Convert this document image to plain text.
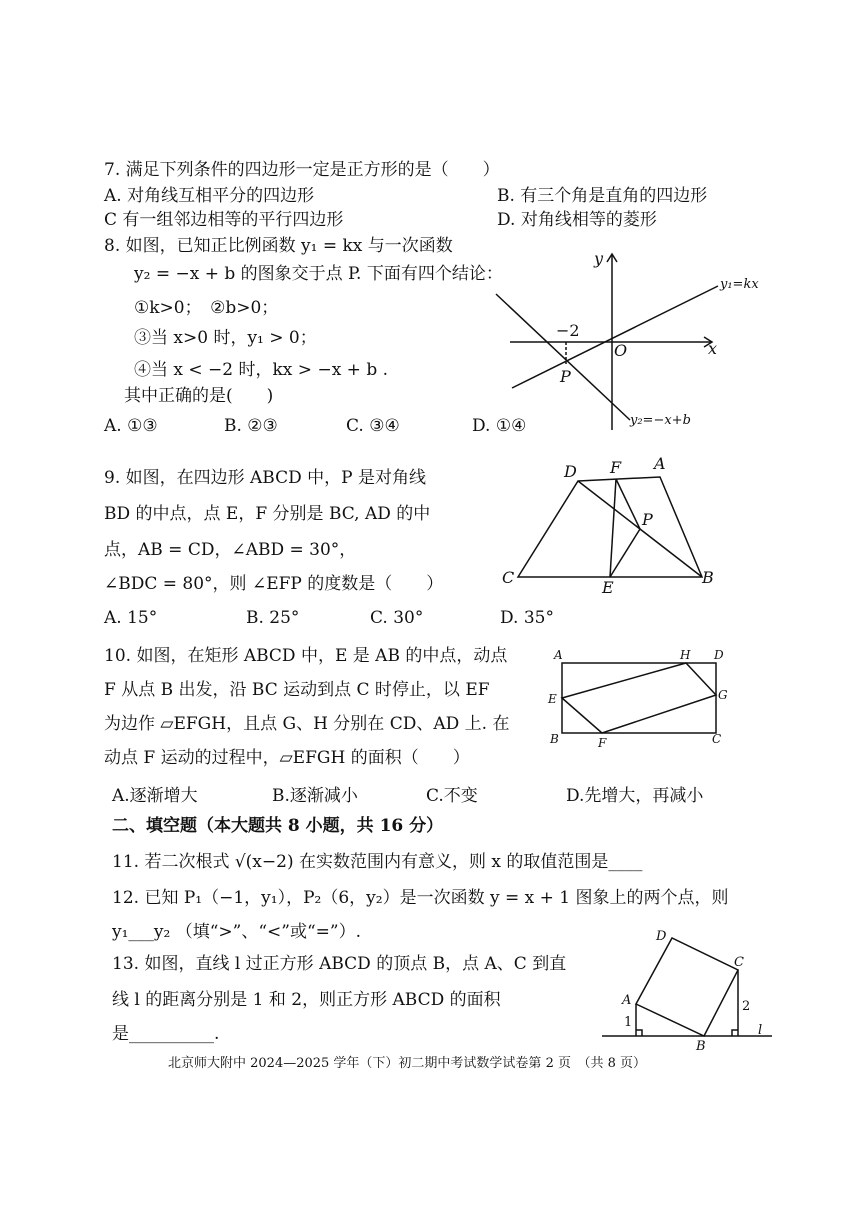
7. 满足下列条件的四边形一定是正方形的是（　　）
A. 对角线互相平分的四边形	B. 有三个角是直角的四边形
C 有一组邻边相等的平行四边形	D. 对角线相等的菱形
8. 如图，已知正比例函数 y₁ = kx 与一次函数
y₂ = −x + b 的图象交于点 P. 下面有四个结论：
①k>0；　②b>0；
③当 x>0 时，y₁ > 0；
④当 x < −2 时，kx > −x + b .
其中正确的是(　　)
A. ①③	B. ②③	C. ③④	D. ①④
y
x
O
P
−2
y₁=kx
y₂=−x+b
9. 如图，在四边形 ABCD 中，P 是对角线
BD 的中点，点 E，F 分别是 BC, AD 的中
点，AB = CD，∠ABD = 30°，
∠BDC = 80°，则 ∠EFP 的度数是（　　）
A. 15°	B. 25°	C. 30°	D. 35°
D F A
P
C
E
B
10. 如图，在矩形 ABCD 中，E 是 AB 的中点，动点
F 从点 B 出发，沿 BC 运动到点 C 时停止，以 EF
为边作 ▱EFGH，且点 G、H 分别在 CD、AD 上. 在
动点 F 运动的过程中，▱EFGH 的面积（　　）
A.逐渐增大	B.逐渐减小	C.不变	D.先增大，再减小
A	H D
E	G
B	F	C
二、填空题（本大题共 8 小题，共 16 分）
11. 若二次根式 √(x−2) 在实数范围内有意义，则 x 的取值范围是____
12. 已知 P₁（−1，y₁），P₂（6，y₂）是一次函数 y = x + 1 图象上的两个点，则
y₁___y₂ （填“>”、“<”或“=”）.
13. 如图，直线 l 过正方形 ABCD 的顶点 B，点 A、C 到直
线 l 的距离分别是 1 和 2，则正方形 ABCD 的面积
是__________.
D
C
A
B
l
1
2
北京师大附中 2024—2025 学年（下）初二期中考试数学试卷第 2 页　（共 8 页）
